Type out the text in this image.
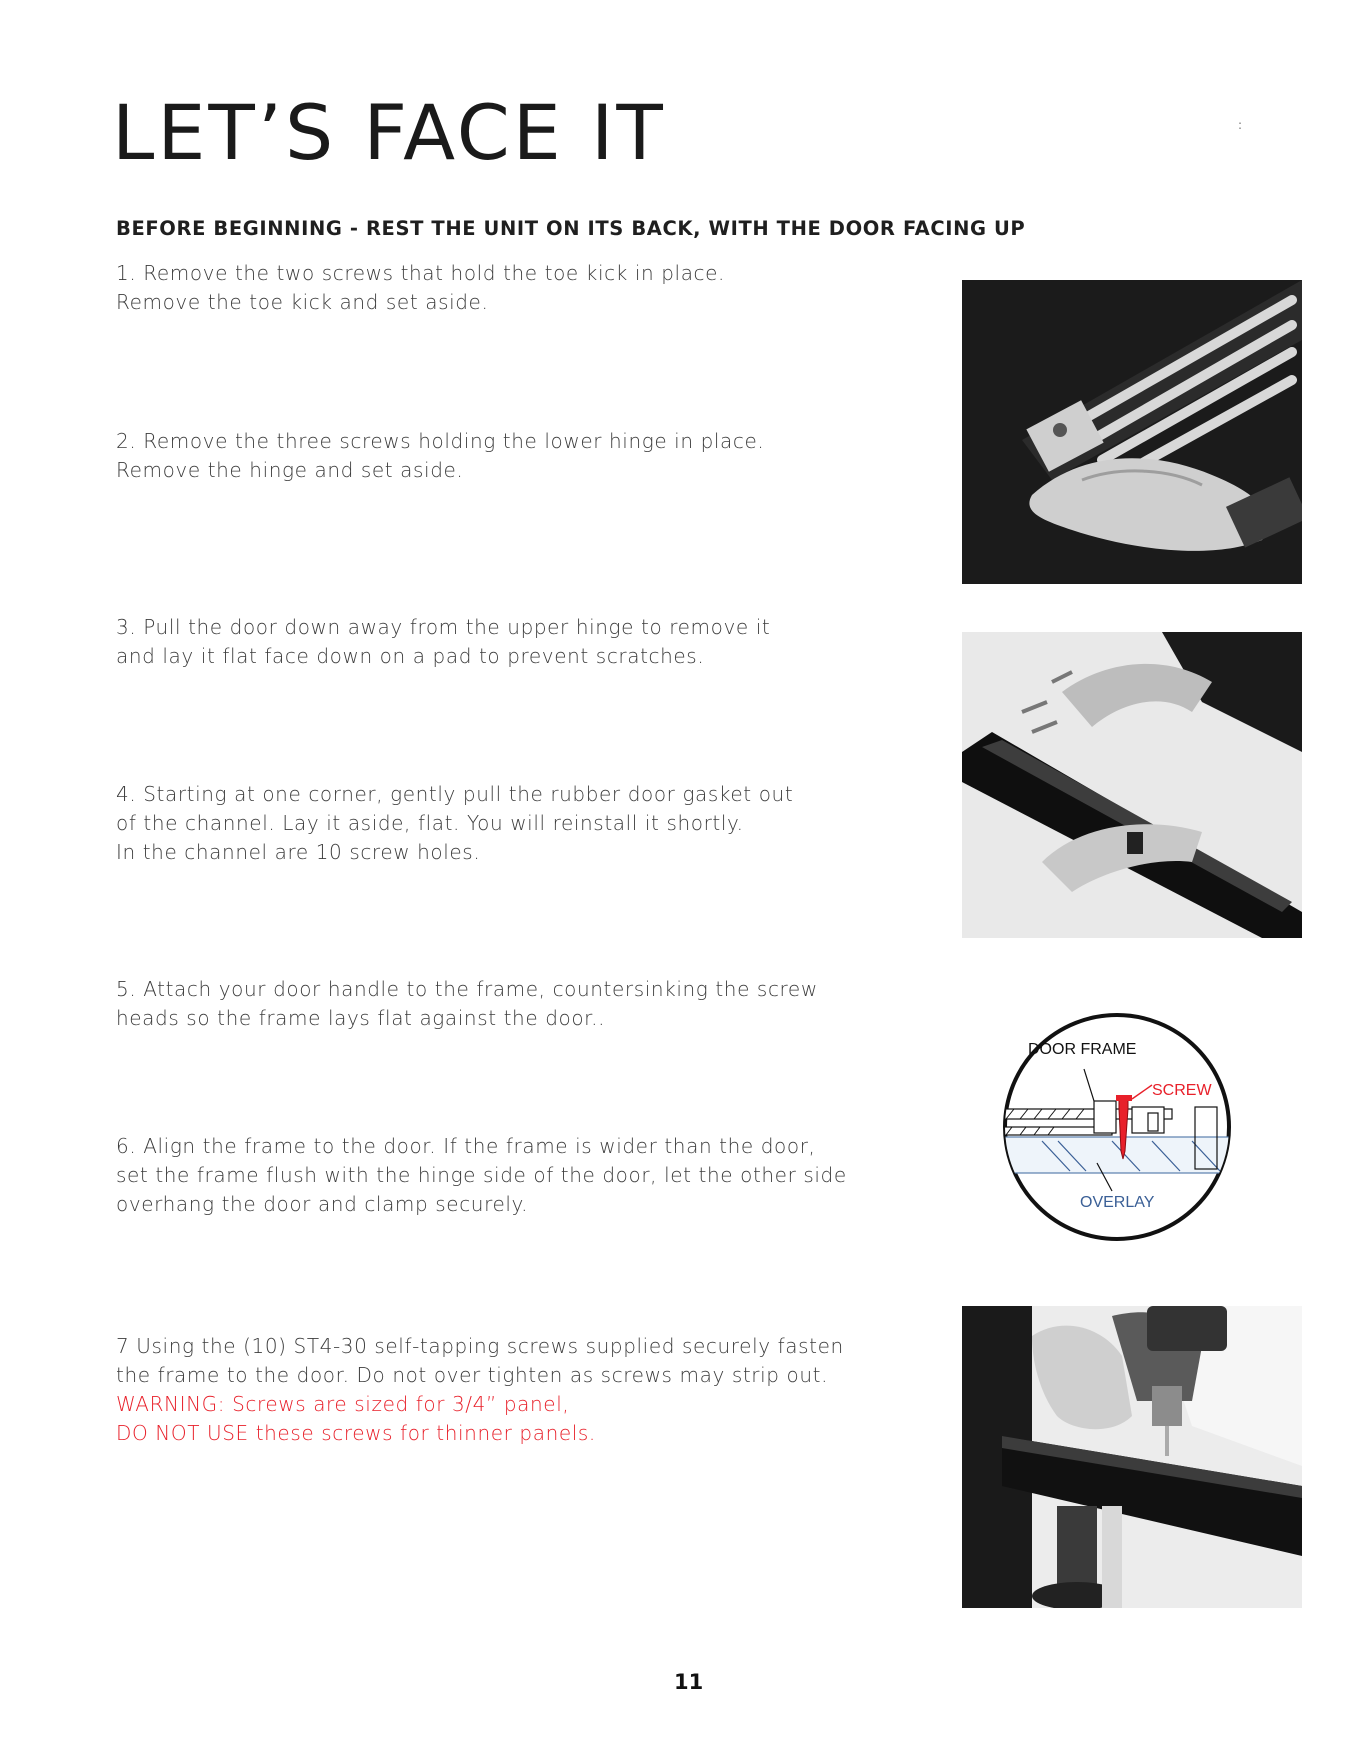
LET’S FACE IT	:
BEFORE BEGINNING - REST THE UNIT ON ITS BACK, WITH THE DOOR FACING UP

1. Remove the two screws that hold the toe kick in place.

Remove the toe kick and set aside.

2. Remove the three screws holding the lower hinge in place.

Remove the hinge and set aside.

3. Pull the door down away from the upper hinge to remove it

and lay it flat face down on a pad to prevent scratches.

4. Starting at one corner, gently pull the rubber door gasket out

of the channel. Lay it aside, flat. You will reinstall it shortly.

In the channel are 10 screw holes.

5. Attach your door handle to the frame, countersinking the screw

heads so the frame lays flat against the door..

6. Align the frame to the door. If the frame is wider than the door,

set the frame flush with the hinge side of the door, let the other side

overhang the door and clamp securely.

7 Using the (10) ST4-30 self-tapping screws supplied securely fasten

the frame to the door. Do not over tighten as screws may strip out.

WARNING: Screws are sized for 3/4” panel,

DO NOT USE these screws for thinner panels.

DOOR FRAME
SCREW
OVERLAY
11
